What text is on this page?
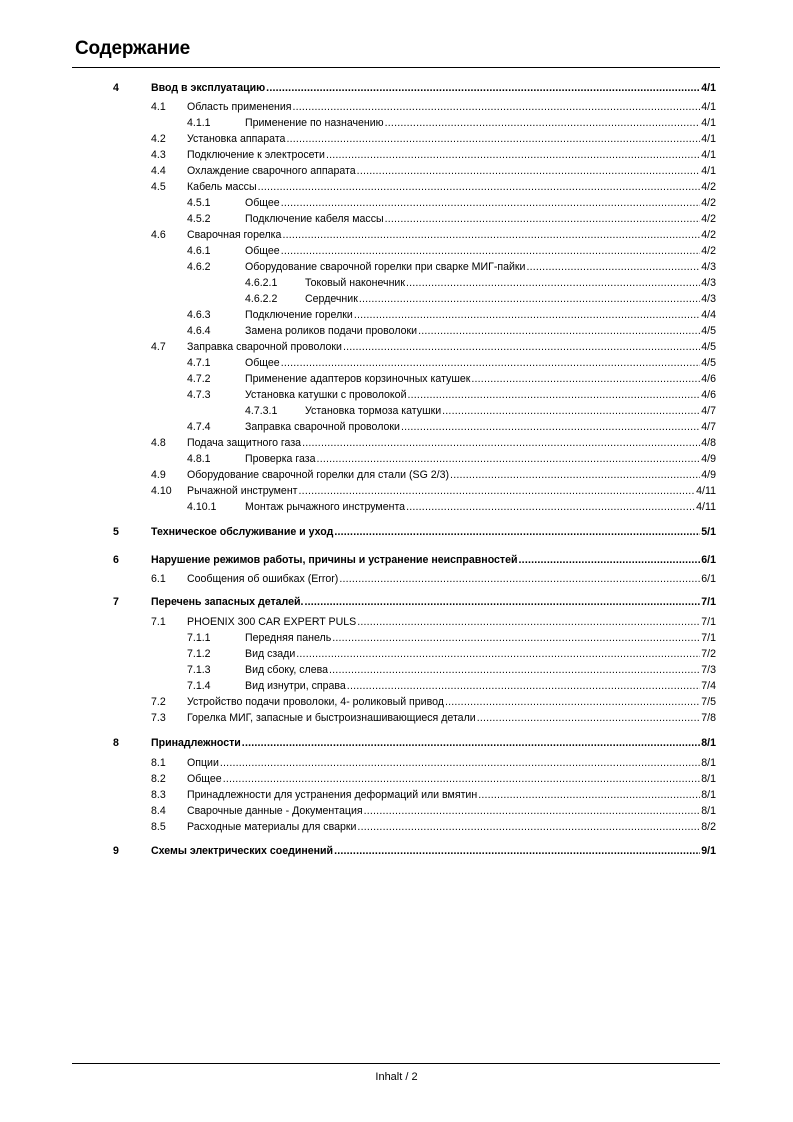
Содержание
4	Ввод в эксплуатацию .....	4/1
4.1 Область применения .....	4/1
4.1.1	Применение по назначению .....	4/1
4.2 Установка аппарата .....	4/1
4.3 Подключение к электросети .....	4/1
4.4 Охлаждение сварочного аппарата .....	4/1
4.5 Кабель массы .....	4/2
4.5.1	Общее .....	4/2
4.5.2	Подключение кабеля массы .....	4/2
4.6 Сварочная горелка .....	4/2
4.6.1	Общее .....	4/2
4.6.2	Оборудование сварочной горелки при сварке МИГ-пайки .....	4/3
4.6.2.1	Токовый наконечник .....	4/3
4.6.2.2	Сердечник .....	4/3
4.6.3	Подключение горелки .....	4/4
4.6.4	Замена роликов подачи проволоки .....	4/5
4.7 Заправка сварочной проволоки .....	4/5
4.7.1	Общее .....	4/5
4.7.2	Применение адаптеров корзиночных катушек .....	4/6
4.7.3	Установка катушки с проволокой .....	4/6
4.7.3.1	Установка тормоза катушки .....	4/7
4.7.4	Заправка сварочной проволоки .....	4/7
4.8 Подача защитного газа .....	4/8
4.8.1	Проверка газа .....	4/9
4.9 Оборудование сварочной горелки для стали (SG 2/3) .....	4/9
4.10 Рычажной инструмент .....	4/11
4.10.1	Монтаж рычажного инструмента .....	4/11
5	Техническое обслуживание и уход .....	5/1
6	Нарушение режимов работы, причины и устранение неисправностей .....	6/1
6.1 Сообщения об ошибках (Error) .....	6/1
7	Перечень запасных деталей. .....	7/1
7.1 PHOENIX 300 CAR EXPERT PULS .....	7/1
7.1.1	Передняя панель .....	7/1
7.1.2	Вид сзади .....	7/2
7.1.3	Вид сбоку, слева .....	7/3
7.1.4	Вид изнутри, справа .....	7/4
7.2 Устройство подачи проволоки, 4- роликовый привод .....	7/5
7.3 Горелка МИГ, запасные и быстроизнашивающиеся детали .....	7/8
8	Принадлежности .....	8/1
8.1 Опции .....	8/1
8.2 Общее .....	8/1
8.3 Принадлежности для устранения деформаций или вмятин .....	8/1
8.4 Сварочные данные - Документация .....	8/1
8.5 Расходные материалы для сварки .....	8/2
9	Схемы электрических соединений .....	9/1
Inhalt / 2
